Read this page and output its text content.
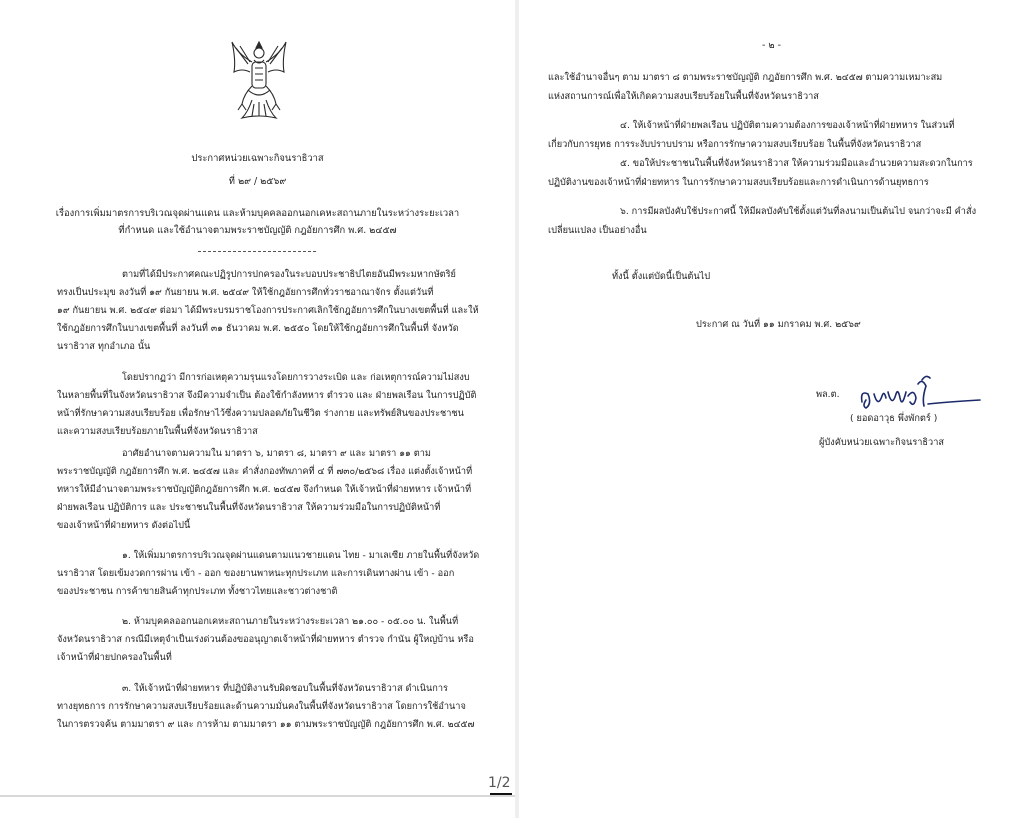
ประกาศหน่วยเฉพาะกิจนราธิวาส
ที่ ๒๙ / ๒๕๖๙
เรื่องการเพิ่มมาตรการบริเวณจุดผ่านแดน และห้ามบุคคลออกนอกเคหะสถานภายในระหว่างระยะเวลา
ที่กำหนด และใช้อำนาจตามพระราชบัญญัติ กฎอัยการศึก พ.ศ. ๒๔๕๗
ตามที่ได้มีประกาศคณะปฏิรูปการปกครองในระบอบประชาธิปไตยอันมีพระมหากษัตริย์
ทรงเป็นประมุข ลงวันที่ ๑๙ กันยายน พ.ศ. ๒๕๔๙ ให้ใช้กฎอัยการศึกทั่วราชอาณาจักร ตั้งแต่วันที่
๑๙ กันยายน พ.ศ. ๒๕๔๙ ต่อมา ได้มีพระบรมราชโองการประกาศเลิกใช้กฎอัยการศึกในบางเขตพื้นที่ และให้
ใช้กฎอัยการศึกในบางเขตพื้นที่ ลงวันที่ ๓๑ ธันวาคม พ.ศ. ๒๕๕๐ โดยให้ใช้กฎอัยการศึกในพื้นที่ จังหวัด
นราธิวาส ทุกอำเภอ นั้น
โดยปรากฏว่า มีการก่อเหตุความรุนแรงโดยการวางระเบิด และ ก่อเหตุการณ์ความไม่สงบ
ในหลายพื้นที่ในจังหวัดนราธิวาส จึงมีความจำเป็น ต้องใช้กำลังทหาร ตำรวจ และ ฝ่ายพลเรือน ในการปฏิบัติ
หน้าที่รักษาความสงบเรียบร้อย เพื่อรักษาไว้ซึ่งความปลอดภัยในชีวิต ร่างกาย และทรัพย์สินของประชาชน
และความสงบเรียบร้อยภายในพื้นที่จังหวัดนราธิวาส
อาศัยอำนาจตามความใน มาตรา ๖, มาตรา ๘, มาตรา ๙ และ มาตรา ๑๑ ตาม
พระราชบัญญัติ กฎอัยการศึก พ.ศ. ๒๔๕๗ และ คำสั่งกองทัพภาคที่ ๔ ที่ ๗๓๐/๒๕๖๘ เรื่อง แต่งตั้งเจ้าหน้าที่
ทหารให้มีอำนาจตามพระราชบัญญัติกฎอัยการศึก พ.ศ. ๒๔๕๗ จึงกำหนด ให้เจ้าหน้าที่ฝ่ายทหาร เจ้าหน้าที่
ฝ่ายพลเรือน ปฏิบัติการ และ ประชาชนในพื้นที่จังหวัดนราธิวาส ให้ความร่วมมือในการปฏิบัติหน้าที่
ของเจ้าหน้าที่ฝ่ายทหาร ดังต่อไปนี้
๑. ให้เพิ่มมาตรการบริเวณจุดผ่านแดนตามแนวชายแดน ไทย - มาเลเซีย ภายในพื้นที่จังหวัด
นราธิวาส โดยเข้มงวดการผ่าน เข้า - ออก ของยานพาหนะทุกประเภท และการเดินทางผ่าน เข้า - ออก
ของประชาชน การค้าขายสินค้าทุกประเภท ทั้งชาวไทยและชาวต่างชาติ
๒. ห้ามบุคคลออกนอกเคหะสถานภายในระหว่างระยะเวลา ๒๑.๐๐ - ๐๕.๐๐ น. ในพื้นที่
จังหวัดนราธิวาส กรณีมีเหตุจำเป็นเร่งด่วนต้องขออนุญาตเจ้าหน้าที่ฝ่ายทหาร ตำรวจ กำนัน ผู้ใหญ่บ้าน หรือ
เจ้าหน้าที่ฝ่ายปกครองในพื้นที่
๓. ให้เจ้าหน้าที่ฝ่ายทหาร ที่ปฏิบัติงานรับผิดชอบในพื้นที่จังหวัดนราธิวาส ดำเนินการ
ทางยุทธการ การรักษาความสงบเรียบร้อยและด้านความมั่นคงในพื้นที่จังหวัดนราธิวาส โดยการใช้อำนาจ
ในการตรวจค้น ตามมาตรา ๙ และ การห้าม ตามมาตรา ๑๑ ตามพระราชบัญญัติ กฎอัยการศึก พ.ศ. ๒๔๕๗
1/2
- ๒ -
และใช้อำนาจอื่นๆ ตาม มาตรา ๘ ตามพระราชบัญญัติ กฎอัยการศึก พ.ศ. ๒๔๕๗ ตามความเหมาะสม
แห่งสถานการณ์เพื่อให้เกิดความสงบเรียบร้อยในพื้นที่จังหวัดนราธิวาส
๔. ให้เจ้าหน้าที่ฝ่ายพลเรือน ปฏิบัติตามความต้องการของเจ้าหน้าที่ฝ่ายทหาร ในส่วนที่
เกี่ยวกับการยุทธ การระงับปราบปราม หรือการรักษาความสงบเรียบร้อย ในพื้นที่จังหวัดนราธิวาส
๕. ขอให้ประชาชนในพื้นที่จังหวัดนราธิวาส ให้ความร่วมมือและอำนวยความสะดวกในการ
ปฏิบัติงานของเจ้าหน้าที่ฝ่ายทหาร ในการรักษาความสงบเรียบร้อยและการดำเนินการด้านยุทธการ
๖. การมีผลบังคับใช้ประกาศนี้ ให้มีผลบังคับใช้ตั้งแต่วันที่ลงนามเป็นต้นไป จนกว่าจะมี คำสั่ง
เปลี่ยนแปลง เป็นอย่างอื่น
ทั้งนี้ ตั้งแต่บัดนี้เป็นต้นไป
ประกาศ ณ วันที่ ๑๑ มกราคม พ.ศ. ๒๕๖๙
พล.ต.
( ยอดอาวุธ พึ่งพักตร์ )
ผู้บังคับหน่วยเฉพาะกิจนราธิวาส
